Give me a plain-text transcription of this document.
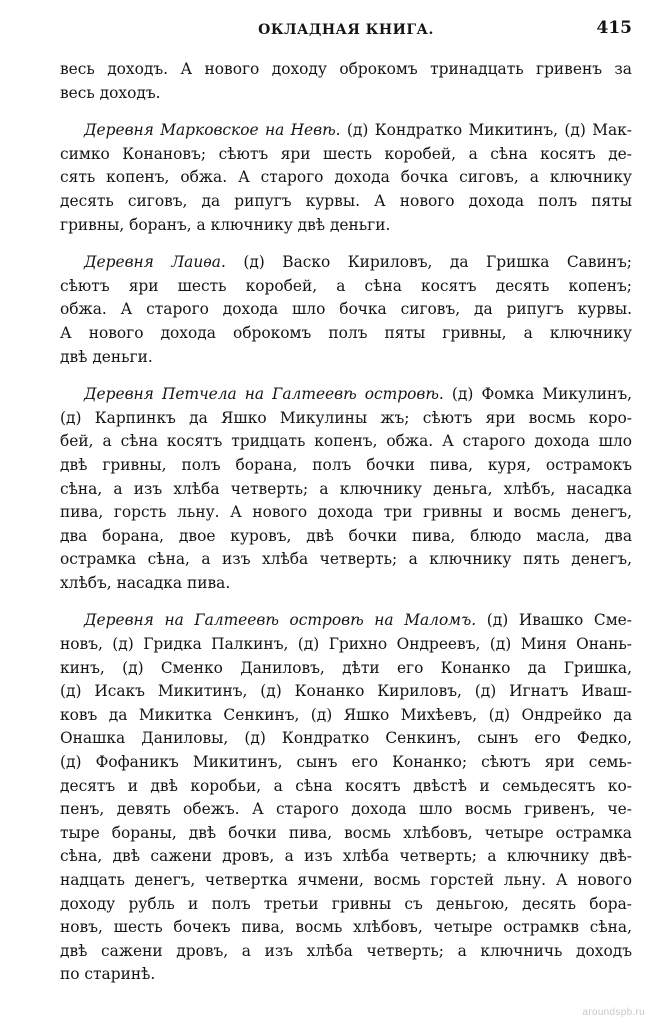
ОКЛАДНАЯ КНИГА.	415
весь доходъ. А нового доходу оброкомъ тринадцать гривенъ за
весь доходъ.
Деревня Марковское на Невѣ. (д) Кондратко Микитинъ, (д) Мак-
симко Конановъ; сѣютъ яри шесть коробей, а сѣна косятъ де-
сять копенъ, обжа. А старого дохода бочка сиговъ, а ключнику
десять сиговъ, да рипугъ курвы. А нового дохода полъ пяты
гривны, боранъ, а ключнику двѣ деньги.
Деревня Лаиѳа. (д) Васко Кириловъ, да Гришка Савинъ;
сѣютъ яри шесть коробей, а сѣна косятъ десять копенъ;
обжа. А старого дохода шло бочка сиговъ, да рипугъ курвы.
А нового дохода оброкомъ полъ пяты гривны, а ключнику
двѣ деньги.
Деревня Петчела на Галтеевѣ островѣ. (д) Фомка Микулинъ,
(д) Карпинкъ да Яшко Микулины жъ; сѣютъ яри восмь коро-
бей, а сѣна косятъ тридцать копенъ, обжа. А старого дохода шло
двѣ гривны, полъ борана, полъ бочки пива, куря, острамокъ
сѣна, а изъ хлѣба четверть; а ключнику деньга, хлѣбъ, насадка
пива, горсть льну. А нового дохода три гривны и восмь денегъ,
два борана, двое куровъ, двѣ бочки пива, блюдо масла, два
острамка сѣна, а изъ хлѣба четверть; а ключнику пять денегъ,
хлѣбъ, насадка пива.
Деревня на Галтеевѣ островѣ на Маломъ. (д) Ивашко Сме-
новъ, (д) Гридка Палкинъ, (д) Грихно Ондреевъ, (д) Миня Онань-
кинъ, (д) Сменко Даниловъ, дѣти его Конанко да Гришка,
(д) Исакъ Микитинъ, (д) Конанко Кириловъ, (д) Игнатъ Иваш-
ковъ да Микитка Сенкинъ, (д) Яшко Михѣевъ, (д) Ондрейко да
Онашка Даниловы, (д) Кондратко Сенкинъ, сынъ его Федко,
(д) Фофаникъ Микитинъ, сынъ его Конанко; сѣютъ яри семь-
десятъ и двѣ коробьи, а сѣна косятъ двѣстѣ и семьдесятъ ко-
пенъ, девять обежъ. А старого дохода шло восмь гривенъ, че-
тыре бораны, двѣ бочки пива, восмь хлѣбовъ, четыре острамка
сѣна, двѣ сажени дровъ, а изъ хлѣба четверть; а ключнику двѣ-
надцать денегъ, четвертка ячмени, восмь горстей льну. А нового
доходу рубль и полъ третьи гривны съ деньгою, десять бора-
новъ, шесть бочекъ пива, восмь хлѣбовъ, четыре острамкв сѣна,
двѣ сажени дровъ, а изъ хлѣба четверть; а ключничь доходъ
по старинѣ.
aroundspb.ru
